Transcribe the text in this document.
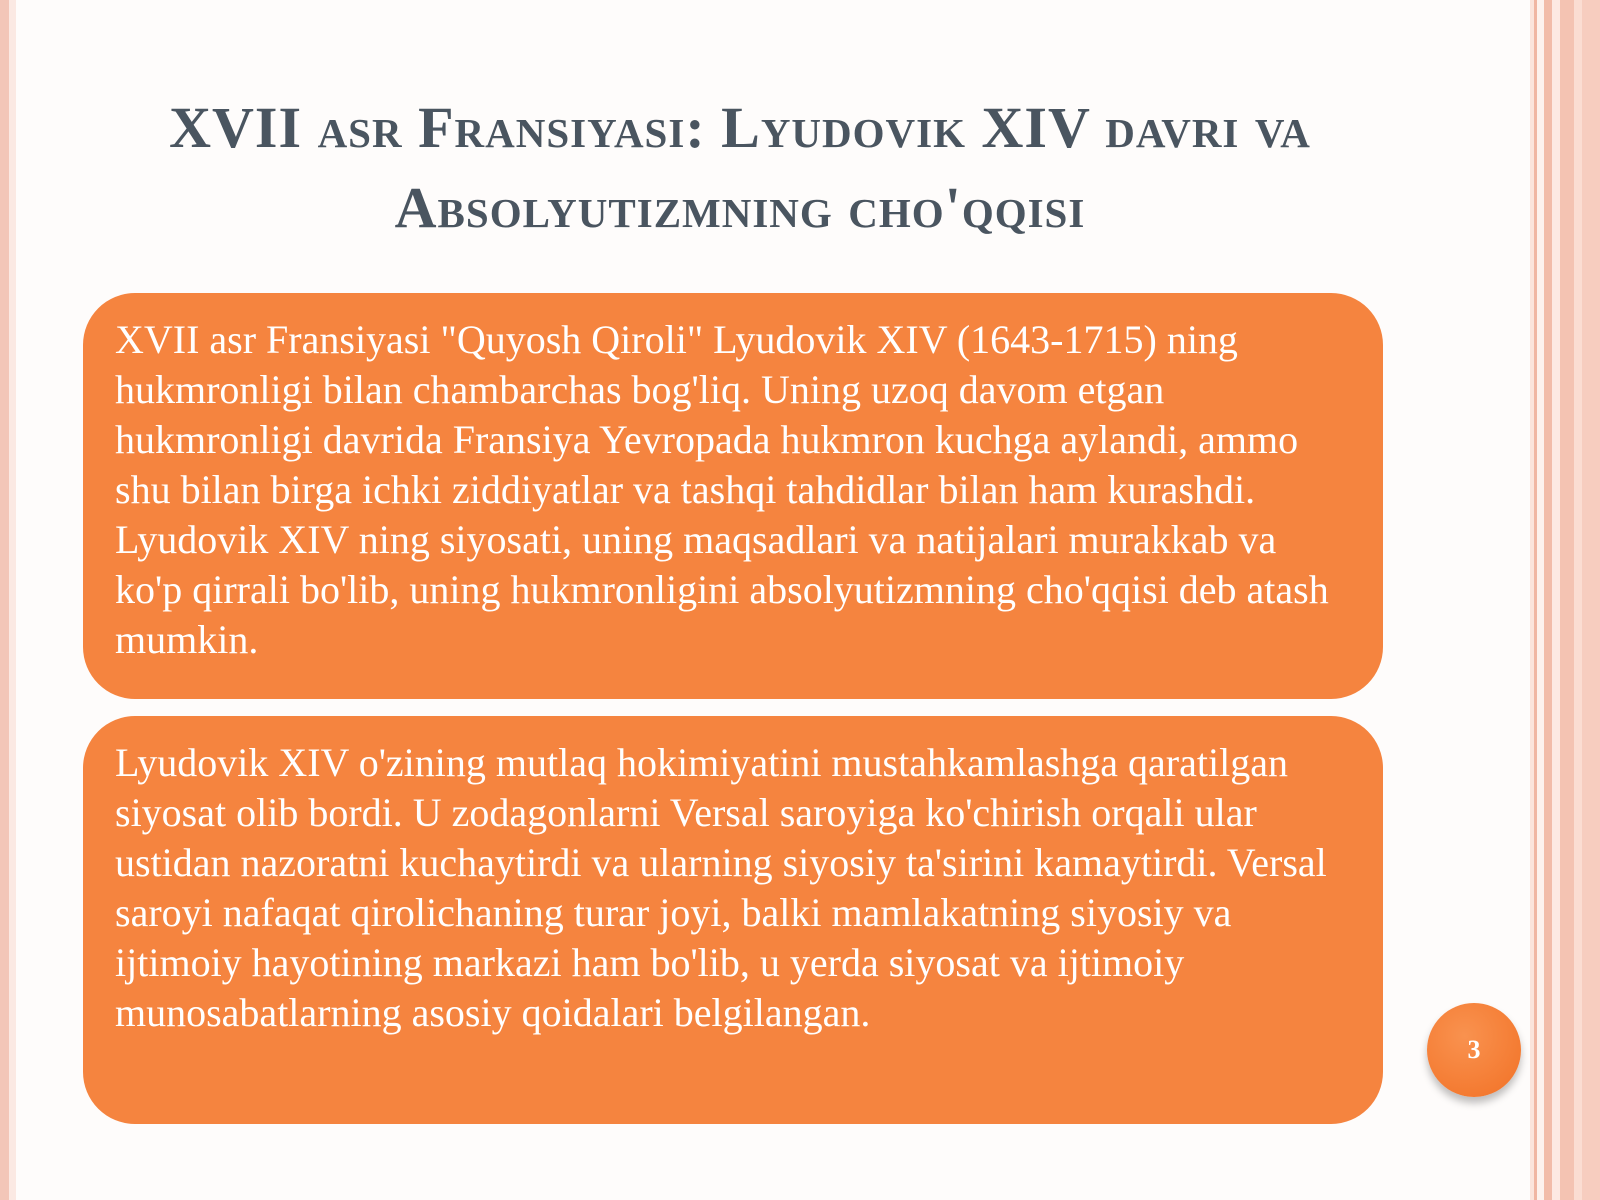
XVII asr Fransiyasi: Lyudovik XIV davri va Absolyutizmning cho'qqisi

XVII asr Fransiyasi "Quyosh Qiroli" Lyudovik XIV (1643-1715) ning hukmronligi bilan chambarchas bog'liq. Uning uzoq davom etgan hukmronligi davrida Fransiya Yevropada hukmron kuchga aylandi, ammo shu bilan birga ichki ziddiyatlar va tashqi tahdidlar bilan ham kurashdi. Lyudovik XIV ning siyosati, uning maqsadlari va natijalari murakkab va ko'p qirrali bo'lib, uning hukmronligini absolyutizmning cho'qqisi deb atash mumkin.

Lyudovik XIV o'zining mutlaq hokimiyatini mustahkamlashga qaratilgan siyosat olib bordi. U zodagonlarni Versal saroyiga ko'chirish orqali ular ustidan nazoratni kuchaytirdi va ularning siyosiy ta'sirini kamaytirdi. Versal saroyi nafaqat qirolichaning turar joyi, balki mamlakatning siyosiy va ijtimoiy hayotining markazi ham bo'lib, u yerda siyosat va ijtimoiy munosabatlarning asosiy qoidalari belgilangan.

3
